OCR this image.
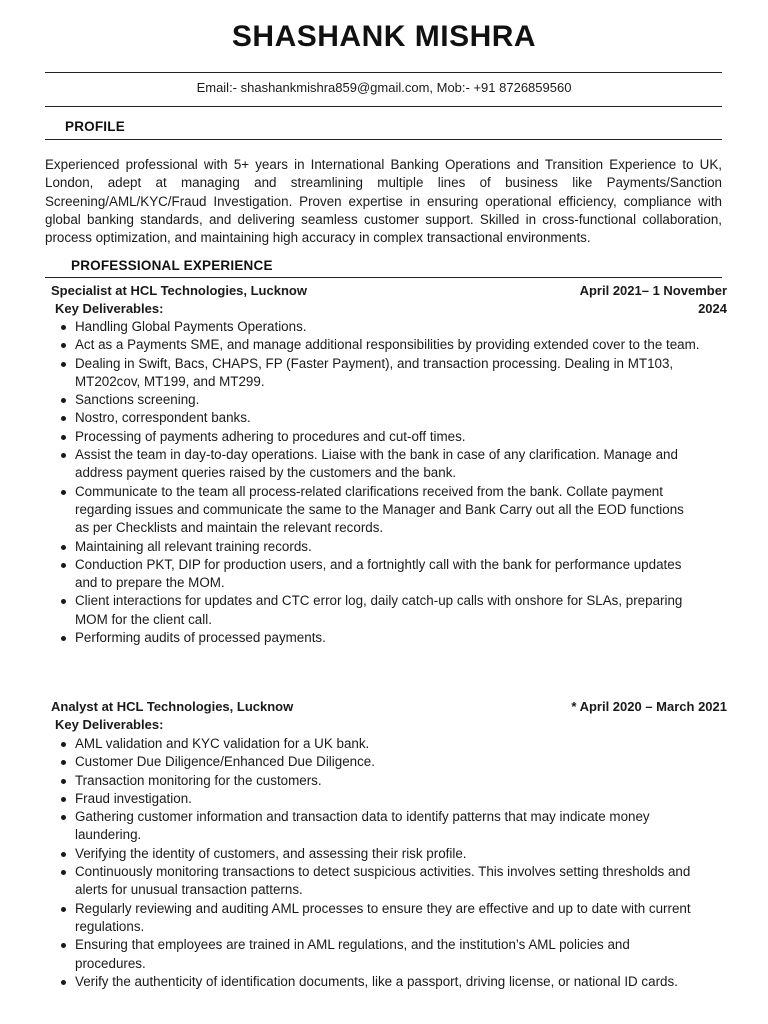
SHASHANK MISHRA
Email:- shashankmishra859@gmail.com, Mob:- +91 8726859560
PROFILE
Experienced professional with 5+ years in International Banking Operations and Transition Experience to UK, London, adept at managing and streamlining multiple lines of business like Payments/Sanction Screening/AML/KYC/Fraud Investigation. Proven expertise in ensuring operational efficiency, compliance with global banking standards, and delivering seamless customer support. Skilled in cross-functional collaboration, process optimization, and maintaining high accuracy in complex transactional environments.
PROFESSIONAL EXPERIENCE
Specialist at HCL Technologies, Lucknow	April 2021– 1 November
2024
Key Deliverables:
Handling Global Payments Operations.
Act as a Payments SME, and manage additional responsibilities by providing extended cover to the team.
Dealing in Swift, Bacs, CHAPS, FP (Faster Payment), and transaction processing. Dealing in MT103, MT202cov, MT199, and MT299.
Sanctions screening.
Nostro, correspondent banks.
Processing of payments adhering to procedures and cut-off times.
Assist the team in day-to-day operations. Liaise with the bank in case of any clarification. Manage and address payment queries raised by the customers and the bank.
Communicate to the team all process-related clarifications received from the bank. Collate payment regarding issues and communicate the same to the Manager and Bank Carry out all the EOD functions as per Checklists and maintain the relevant records.
Maintaining all relevant training records.
Conduction PKT, DIP for production users, and a fortnightly call with the bank for performance updates and to prepare the MOM.
Client interactions for updates and CTC error log, daily catch-up calls with onshore for SLAs, preparing MOM for the client call.
Performing audits of processed payments.
Analyst at HCL Technologies, Lucknow	* April 2020 – March 2021
Key Deliverables:
AML validation and KYC validation for a UK bank.
Customer Due Diligence/Enhanced Due Diligence.
Transaction monitoring for the customers.
Fraud investigation.
Gathering customer information and transaction data to identify patterns that may indicate money laundering.
Verifying the identity of customers, and assessing their risk profile.
Continuously monitoring transactions to detect suspicious activities. This involves setting thresholds and alerts for unusual transaction patterns.
Regularly reviewing and auditing AML processes to ensure they are effective and up to date with current regulations.
Ensuring that employees are trained in AML regulations, and the institution’s AML policies and procedures.
Verify the authenticity of identification documents, like a passport, driving license, or national ID cards.
